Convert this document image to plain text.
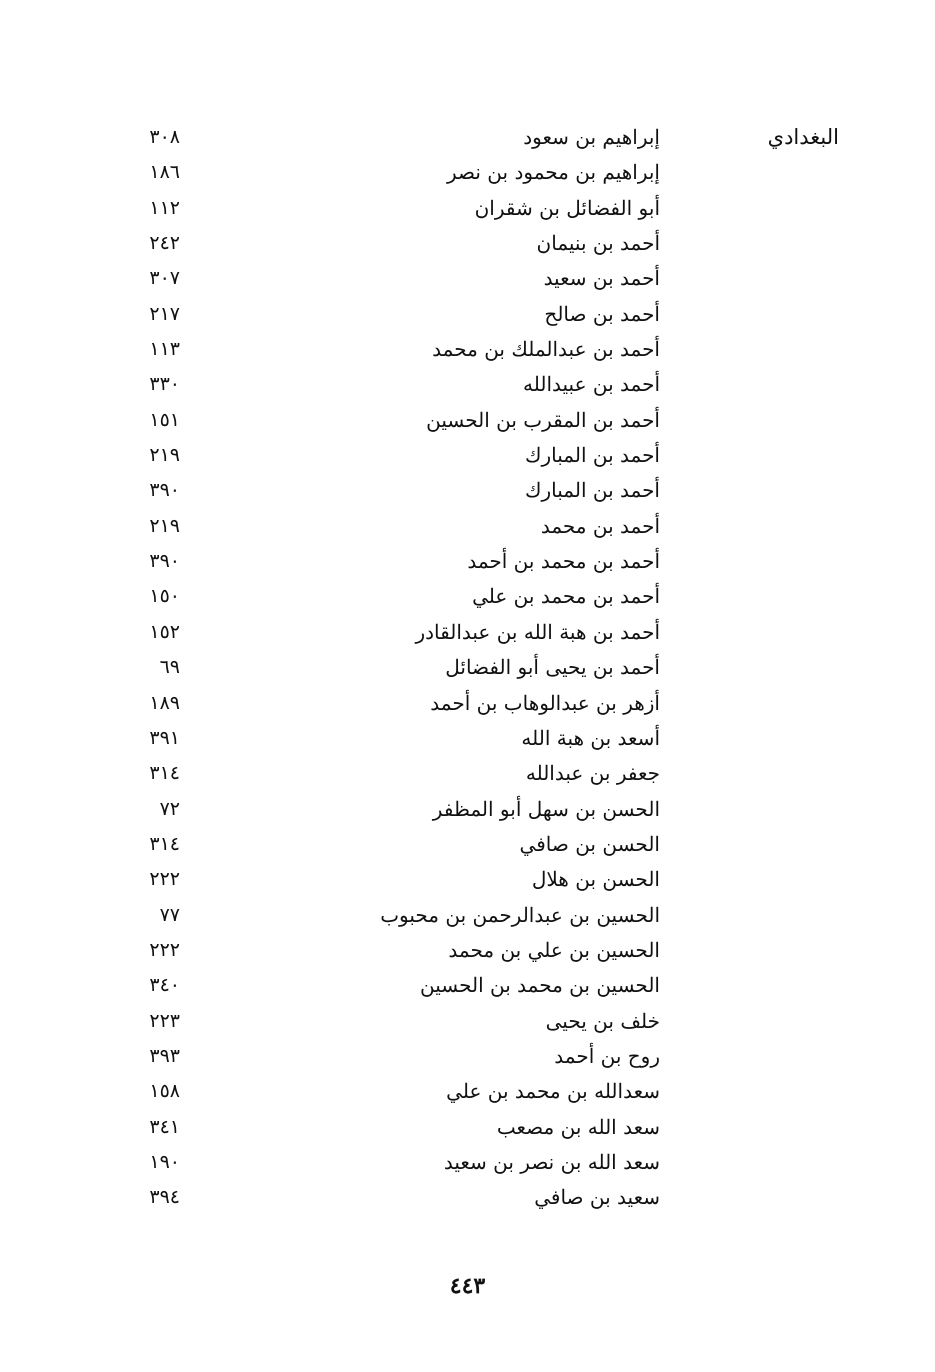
البغدادي
إبراهيم بن سعود
٣٠٨
إبراهيم بن محمود بن نصر
١٨٦
أبو الفضائل بن شقران
١١٢
أحمد بن بنيمان
٢٤٢
أحمد بن سعيد
٣٠٧
أحمد بن صالح
٢١٧
أحمد بن عبدالملك بن محمد
١١٣
أحمد بن عبيدالله
٣٣٠
أحمد بن المقرب بن الحسين
١٥١
أحمد بن المبارك
٢١٩
أحمد بن المبارك
٣٩٠
أحمد بن محمد
٢١٩
أحمد بن محمد بن أحمد
٣٩٠
أحمد بن محمد بن علي
١٥٠
أحمد بن هبة الله بن عبدالقادر
١٥٢
أحمد بن يحيى أبو الفضائل
٦٩
أزهر بن عبدالوهاب بن أحمد
١٨٩
أسعد بن هبة الله
٣٩١
جعفر بن عبدالله
٣١٤
الحسن بن سهل أبو المظفر
٧٢
الحسن بن صافي
٣١٤
الحسن بن هلال
٢٢٢
الحسين بن عبدالرحمن بن محبوب
٧٧
الحسين بن علي بن محمد
٢٢٢
الحسين بن محمد بن الحسين
٣٤٠
خلف بن يحيى
٢٢٣
روح بن أحمد
٣٩٣
سعدالله بن محمد بن علي
١٥٨
سعد الله بن مصعب
٣٤١
سعد الله بن نصر بن سعيد
١٩٠
سعيد بن صافي
٣٩٤
٤٤٣
